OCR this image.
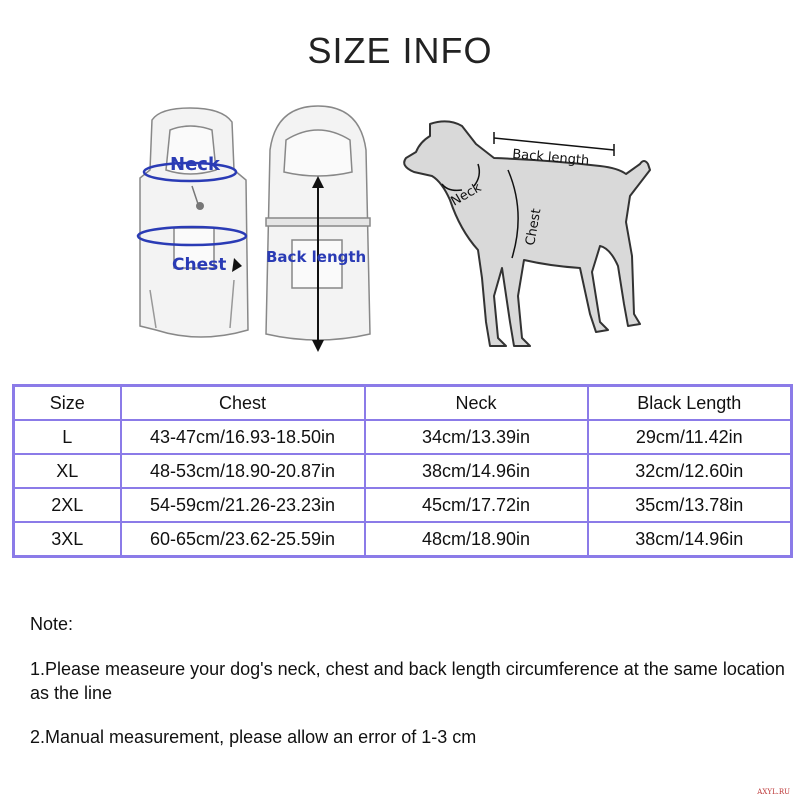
SIZE INFO
Neck
Chest	Back length
Back length
Neck
Chest
Size	Chest	Neck	Black Length
L	43-47cm/16.93-18.50in	34cm/13.39in	29cm/11.42in
XL	48-53cm/18.90-20.87in	38cm/14.96in	32cm/12.60in
2XL	54-59cm/21.26-23.23in	45cm/17.72in	35cm/13.78in
3XL	60-65cm/23.62-25.59in	48cm/18.90in	38cm/14.96in
Note:
1.Please measeure your dog's neck, chest and back length circumference at the same location as the line
2.Manual measurement, please allow an error of 1-3 cm
AXYL.RU
